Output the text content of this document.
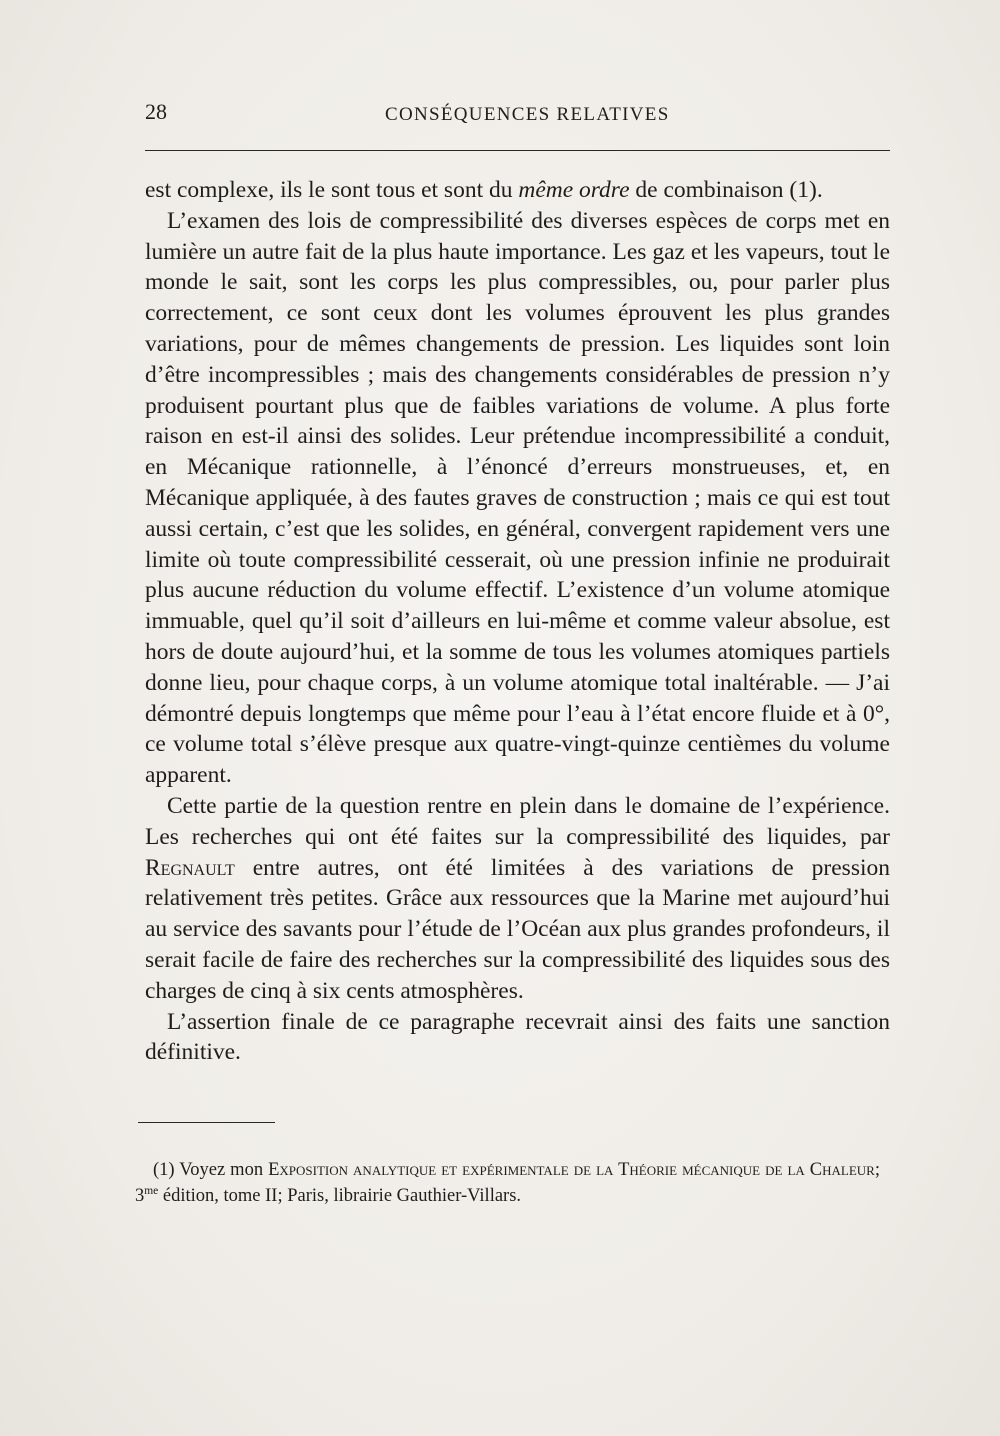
28	CONSÉQUENCES RELATIVES

est complexe, ils le sont tous et sont du même ordre de combinaison (1).

L’examen des lois de compressibilité des diverses espèces de corps met en lumière un autre fait de la plus haute importance. Les gaz et les vapeurs, tout le monde le sait, sont les corps les plus compressibles, ou, pour parler plus correctement, ce sont ceux dont les volumes éprouvent les plus grandes variations, pour de mêmes changements de pression. Les liquides sont loin d’être incompressibles ; mais des changements considérables de pression n’y produisent pourtant plus que de faibles variations de volume. A plus forte raison en est-il ainsi des solides. Leur prétendue incompressibilité a conduit, en Mécanique rationnelle, à l’énoncé d’erreurs monstrueuses, et, en Mécanique appliquée, à des fautes graves de construction ; mais ce qui est tout aussi certain, c’est que les solides, en général, convergent rapidement vers une limite où toute compressibilité cesserait, où une pression infinie ne produirait plus aucune réduction du volume effectif. L’existence d’un volume atomique immuable, quel qu’il soit d’ailleurs en lui-même et comme valeur absolue, est hors de doute aujourd’hui, et la somme de tous les volumes atomiques partiels donne lieu, pour chaque corps, à un volume atomique total inaltérable. — J’ai démontré depuis longtemps que même pour l’eau à l’état encore fluide et à 0°, ce volume total s’élève presque aux quatre-vingt-quinze centièmes du volume apparent.

Cette partie de la question rentre en plein dans le domaine de l’expérience. Les recherches qui ont été faites sur la compressibilité des liquides, par Regnault entre autres, ont été limitées à des variations de pression relativement très petites. Grâce aux ressources que la Marine met aujourd’hui au service des savants pour l’étude de l’Océan aux plus grandes profondeurs, il serait facile de faire des recherches sur la compressibilité des liquides sous des charges de cinq à six cents atmosphères.

L’assertion finale de ce paragraphe recevrait ainsi des faits une sanction définitive.

(1) Voyez mon Exposition analytique et expérimentale de la Théorie mécanique de la Chaleur; $3^{me}$ édition, tome II; Paris, librairie Gauthier-Villars.
